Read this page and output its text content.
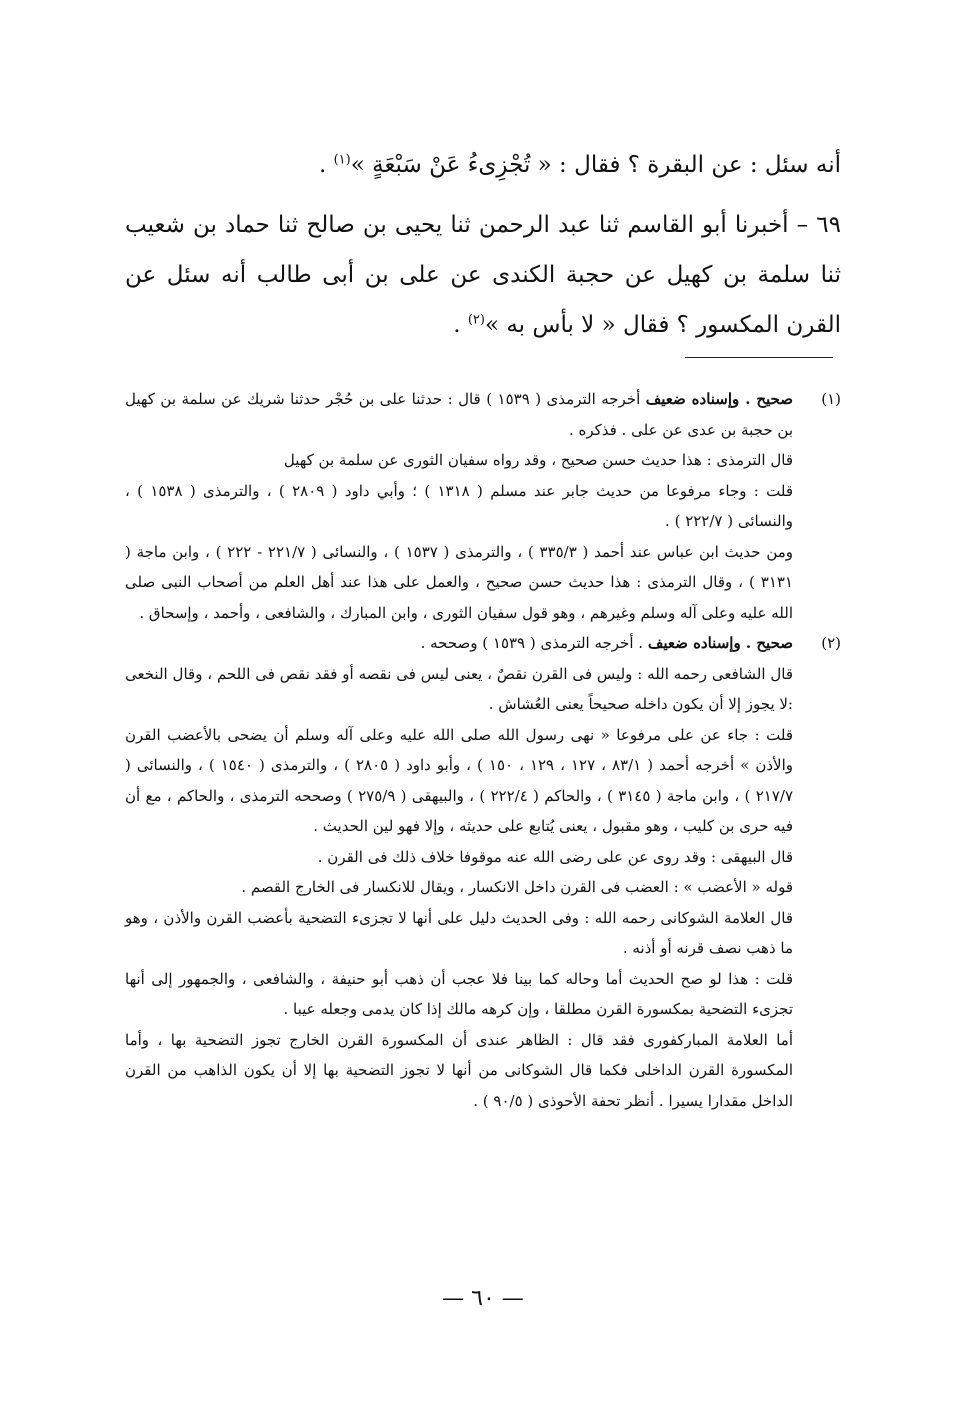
أنه سئل : عن البقرة ؟ فقال : « تُجْزِىءُ عَنْ سَبْعَةٍ »$^{(١)}$ .

٦٩ – أخبرنا أبو القاسم ثنا عبد الرحمن ثنا يحيى بن صالح ثنا حماد بن شعيب ثنا سلمة بن كهيل عن حجبة الكندى عن على بن أبى طالب أنه سئل عن القرن المكسور ؟ فقال « لا بأس به »$^{(٢)}$ .

(١)

صحيح . وإسناده ضعيف أخرجه الترمذى ( ١٥٣٩ ) قال : حدثنا على بن حُجْر حدثنا شريك عن سلمة بن كهيل بن حجبة بن عدى عن على . فذكره .

قال الترمذى : هذا حديث حسن صحيح ، وقد رواه سفيان الثورى عن سلمة بن كهيل

قلت : وجاء مرفوعا من حديث جابر عند مسلم ( ١٣١٨ ) ؛ وأبي داود ( ٢٨٠٩ ) ، والترمذى ( ١٥٣٨ ) ، والنسائى ( ٢٢٢/٧ ) .

ومن حديث ابن عباس عند أحمد ( ٣٣٥/٣ ) ، والترمذى ( ١٥٣٧ ) ، والنسائى ( ٢٢١/٧ - ٢٢٢ ) ، وابن ماجة ( ٣١٣١ ) ، وقال الترمذى : هذا حديث حسن صحيح ، والعمل على هذا عند أهل العلم من أصحاب النبى صلى الله عليه وعلى آله وسلم وغيرهم ، وهو قول سفيان الثورى ، وابن المبارك ، والشافعى ، وأحمد ، وإسحاق .

(٢)

صحيح . وإسناده ضعيف . أخرجه الترمذى ( ١٥٣٩ ) وصححه .

قال الشافعى رحمه الله : وليس فى القرن نقصٌ ، يعنى ليس فى نقصه أو فقد نقص فى اللحم ، وقال النخعى :لا يجوز إلا أن يكون داخله صحيحاً يعنى العُشاش .

قلت : جاء عن على مرفوعا « نهى رسول الله صلى الله عليه وعلى آله وسلم أن يضحى بالأعضب القرن والأذن » أخرجه أحمد ( ٨٣/١ ، ١٢٧ ، ١٢٩ ، ١٥٠ ) ، وأبو داود ( ٢٨٠٥ ) ، والترمذى ( ١٥٤٠ ) ، والنسائى ( ٢١٧/٧ ) ، وابن ماجة ( ٣١٤٥ ) ، والحاكم ( ٢٢٢/٤ ) ، والبيهقى ( ٢٧٥/٩ ) وصححه الترمذى ، والحاكم ، مع أن فيه حرى بن كليب ، وهو مقبول ، يعنى يُتابع على حديثه ، وإلا فهو لين الحديث .

قال البيهقى : وقد روى عن على رضى الله عنه موقوفا خلاف ذلك فى القرن .

قوله « الأعضب » : العضب فى القرن داخل الانكسار ، ويقال للانكسار فى الخارج القصم .

قال العلامة الشوكانى رحمه الله : وفى الحديث دليل على أنها لا تجزىء التضحية بأعضب القرن والأذن ، وهو ما ذهب نصف قرنه أو أذنه .

قلت : هذا لو صح الحديث أما وحاله كما بينا فلا عجب أن ذهب أبو حنيفة ، والشافعى ، والجمهور إلى أنها تجزىء التضحية بمكسورة القرن مطلقا ، وإن كرهه مالك إذا كان يدمى وجعله عيبا .

أما العلامة المباركفورى فقد قال : الظاهر عندى أن المكسورة القرن الخارج تجوز التضحية بها ، وأما المكسورة القرن الداخلى فكما قال الشوكانى من أنها لا تجوز التضحية بها إلا أن يكون الذاهب من القرن الداخل مقدارا يسيرا . أنظر تحفة الأحوذى ( ٩٠/٥ ) .

— ٦٠ —
